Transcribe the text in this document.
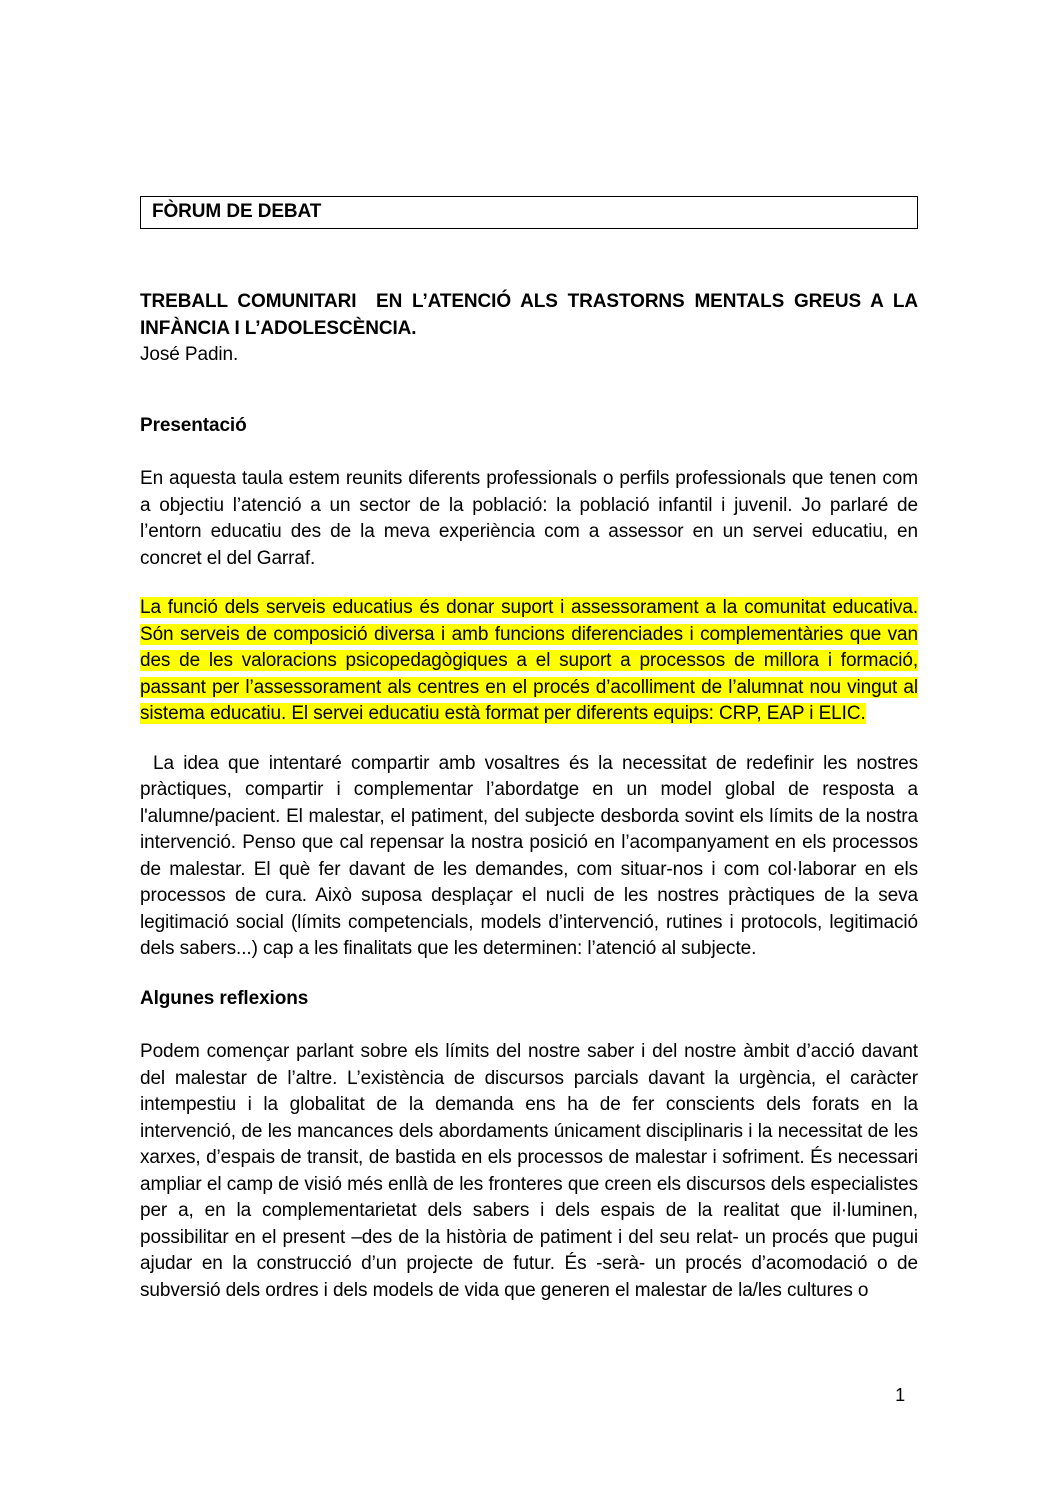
FÒRUM DE DEBAT

TREBALL COMUNITARI  EN L’ATENCIÓ ALS TRASTORNS MENTALS GREUS A LA INFÀNCIA I L’ADOLESCÈNCIA.

José Padin.

Presentació

En aquesta taula estem reunits diferents professionals o perfils professionals que tenen com a objectiu l’atenció a un sector de la població: la població infantil i juvenil. Jo parlaré de l’entorn educatiu des de la meva experiència com a assessor en un servei educatiu, en concret el del Garraf.

La funció dels serveis educatius és donar suport i assessorament a la comunitat educativa. Són serveis de composició diversa i amb funcions diferenciades i complementàries que van des de les valoracions psicopedagògiques a el suport a processos de millora i formació, passant per l’assessorament als centres en el procés d’acolliment de l’alumnat nou vingut al sistema educatiu. El servei educatiu està format per diferents equips: CRP, EAP i ELIC.

La idea que intentaré compartir amb vosaltres és la necessitat de redefinir les nostres pràctiques, compartir i complementar l’abordatge en un model global de resposta a l'alumne/pacient. El malestar, el patiment, del subjecte desborda sovint els límits de la nostra intervenció. Penso que cal repensar la nostra posició en l’acompanyament en els processos de malestar. El què fer davant de les demandes, com situar-nos i com col·laborar en els processos de cura. Això suposa desplaçar el nucli de les nostres pràctiques de la seva legitimació social (límits competencials, models d’intervenció, rutines i protocols, legitimació dels sabers...) cap a les finalitats que les determinen: l’atenció al subjecte.

Algunes reflexions

Podem començar parlant sobre els límits del nostre saber i del nostre àmbit d’acció davant del malestar de l’altre. L’existència de discursos parcials davant la urgència, el caràcter intempestiu i la globalitat de la demanda ens ha de fer conscients dels forats en la intervenció, de les mancances dels abordaments únicament disciplinaris i la necessitat de les xarxes, d’espais de transit, de bastida en els processos de malestar i sofriment. És necessari ampliar el camp de visió més enllà de les fronteres que creen els discursos dels especialistes per a, en la complementarietat dels sabers i dels espais de la realitat que il·luminen, possibilitar en el present –des de la història de patiment i del seu relat- un procés que pugui ajudar en la construcció d’un projecte de futur. És -serà- un procés d’acomodació o de subversió dels ordres i dels models de vida que generen el malestar de la/les cultures o

1
